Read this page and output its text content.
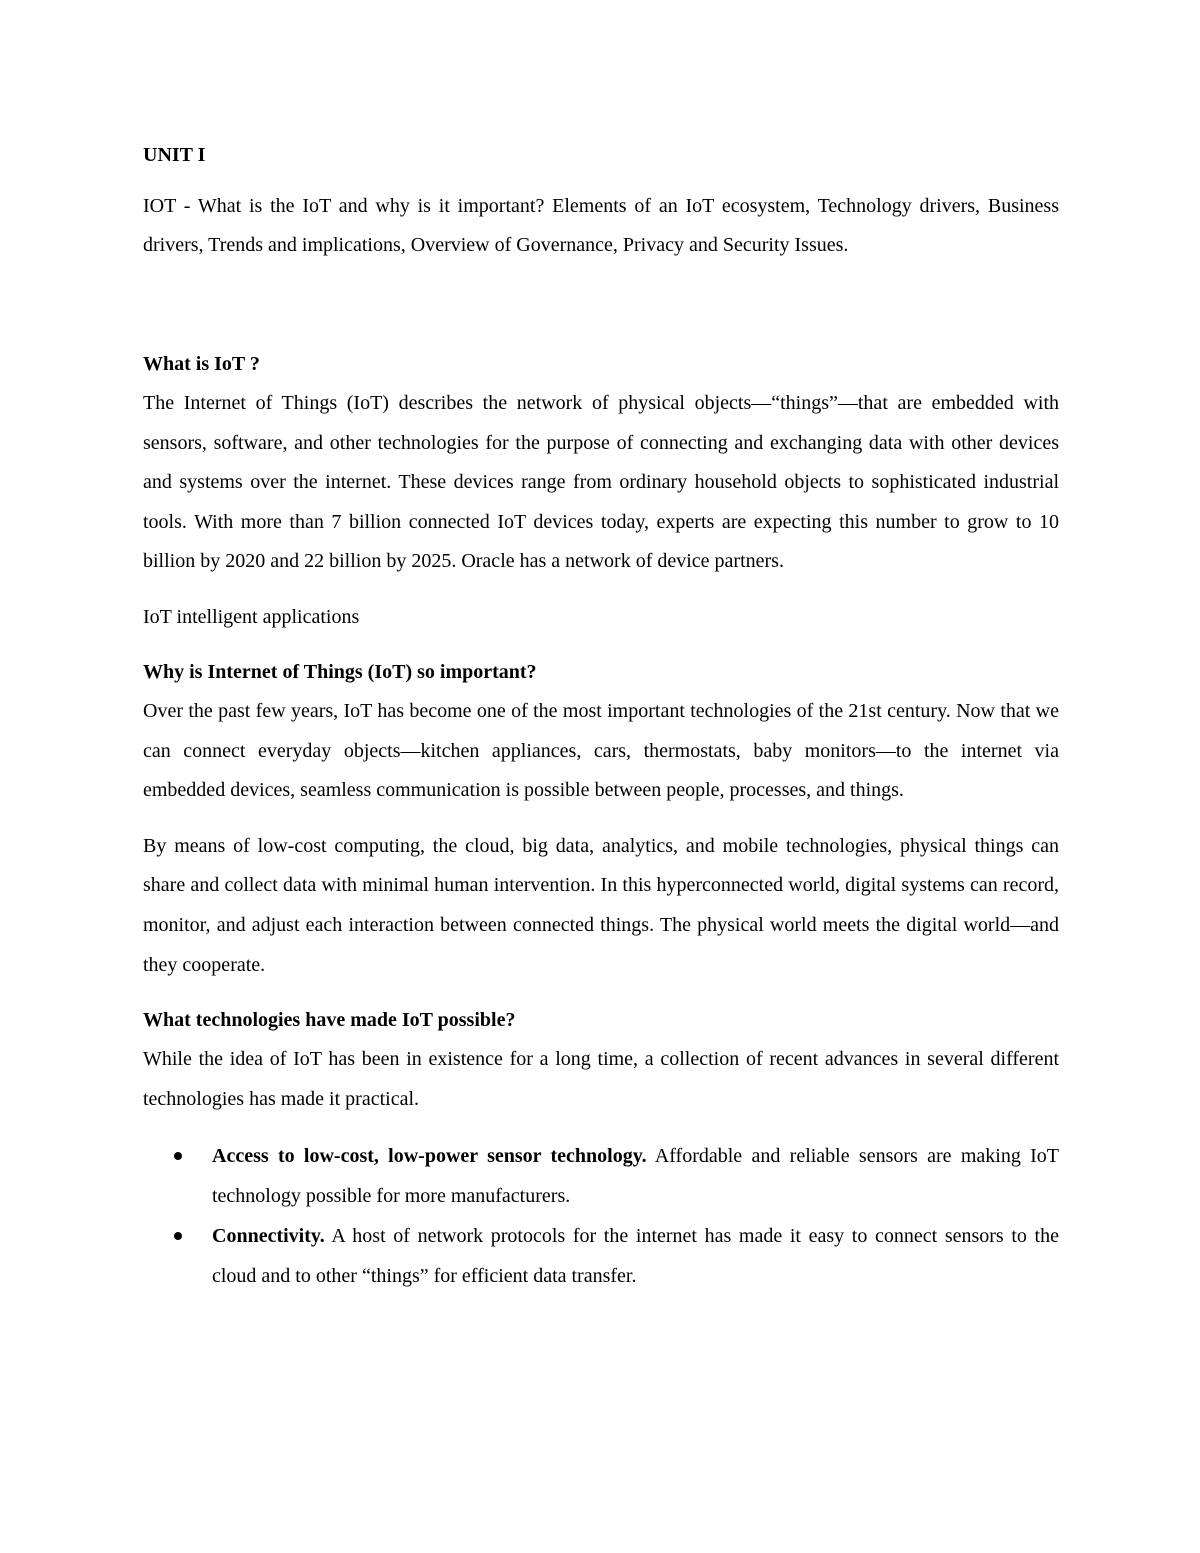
UNIT I

IOT - What is the IoT and why is it important? Elements of an IoT ecosystem, Technology drivers, Business drivers, Trends and implications, Overview of Governance, Privacy and Security Issues.

What is IoT ?

The Internet of Things (IoT) describes the network of physical objects—“things”—that are embedded with sensors, software, and other technologies for the purpose of connecting and exchanging data with other devices and systems over the internet. These devices range from ordinary household objects to sophisticated industrial tools. With more than 7 billion connected IoT devices today, experts are expecting this number to grow to 10 billion by 2020 and 22 billion by 2025. Oracle has a network of device partners.

IoT intelligent applications

Why is Internet of Things (IoT) so important?

Over the past few years, IoT has become one of the most important technologies of the 21st century. Now that we can connect everyday objects—kitchen appliances, cars, thermostats, baby monitors—to the internet via embedded devices, seamless communication is possible between people, processes, and things.

By means of low-cost computing, the cloud, big data, analytics, and mobile technologies, physical things can share and collect data with minimal human intervention. In this hyperconnected world, digital systems can record, monitor, and adjust each interaction between connected things. The physical world meets the digital world—and they cooperate.

What technologies have made IoT possible?

While the idea of IoT has been in existence for a long time, a collection of recent advances in several different technologies has made it practical.

Access to low-cost, low-power sensor technology. Affordable and reliable sensors are making IoT technology possible for more manufacturers.
Connectivity. A host of network protocols for the internet has made it easy to connect sensors to the cloud and to other “things” for efficient data transfer.
